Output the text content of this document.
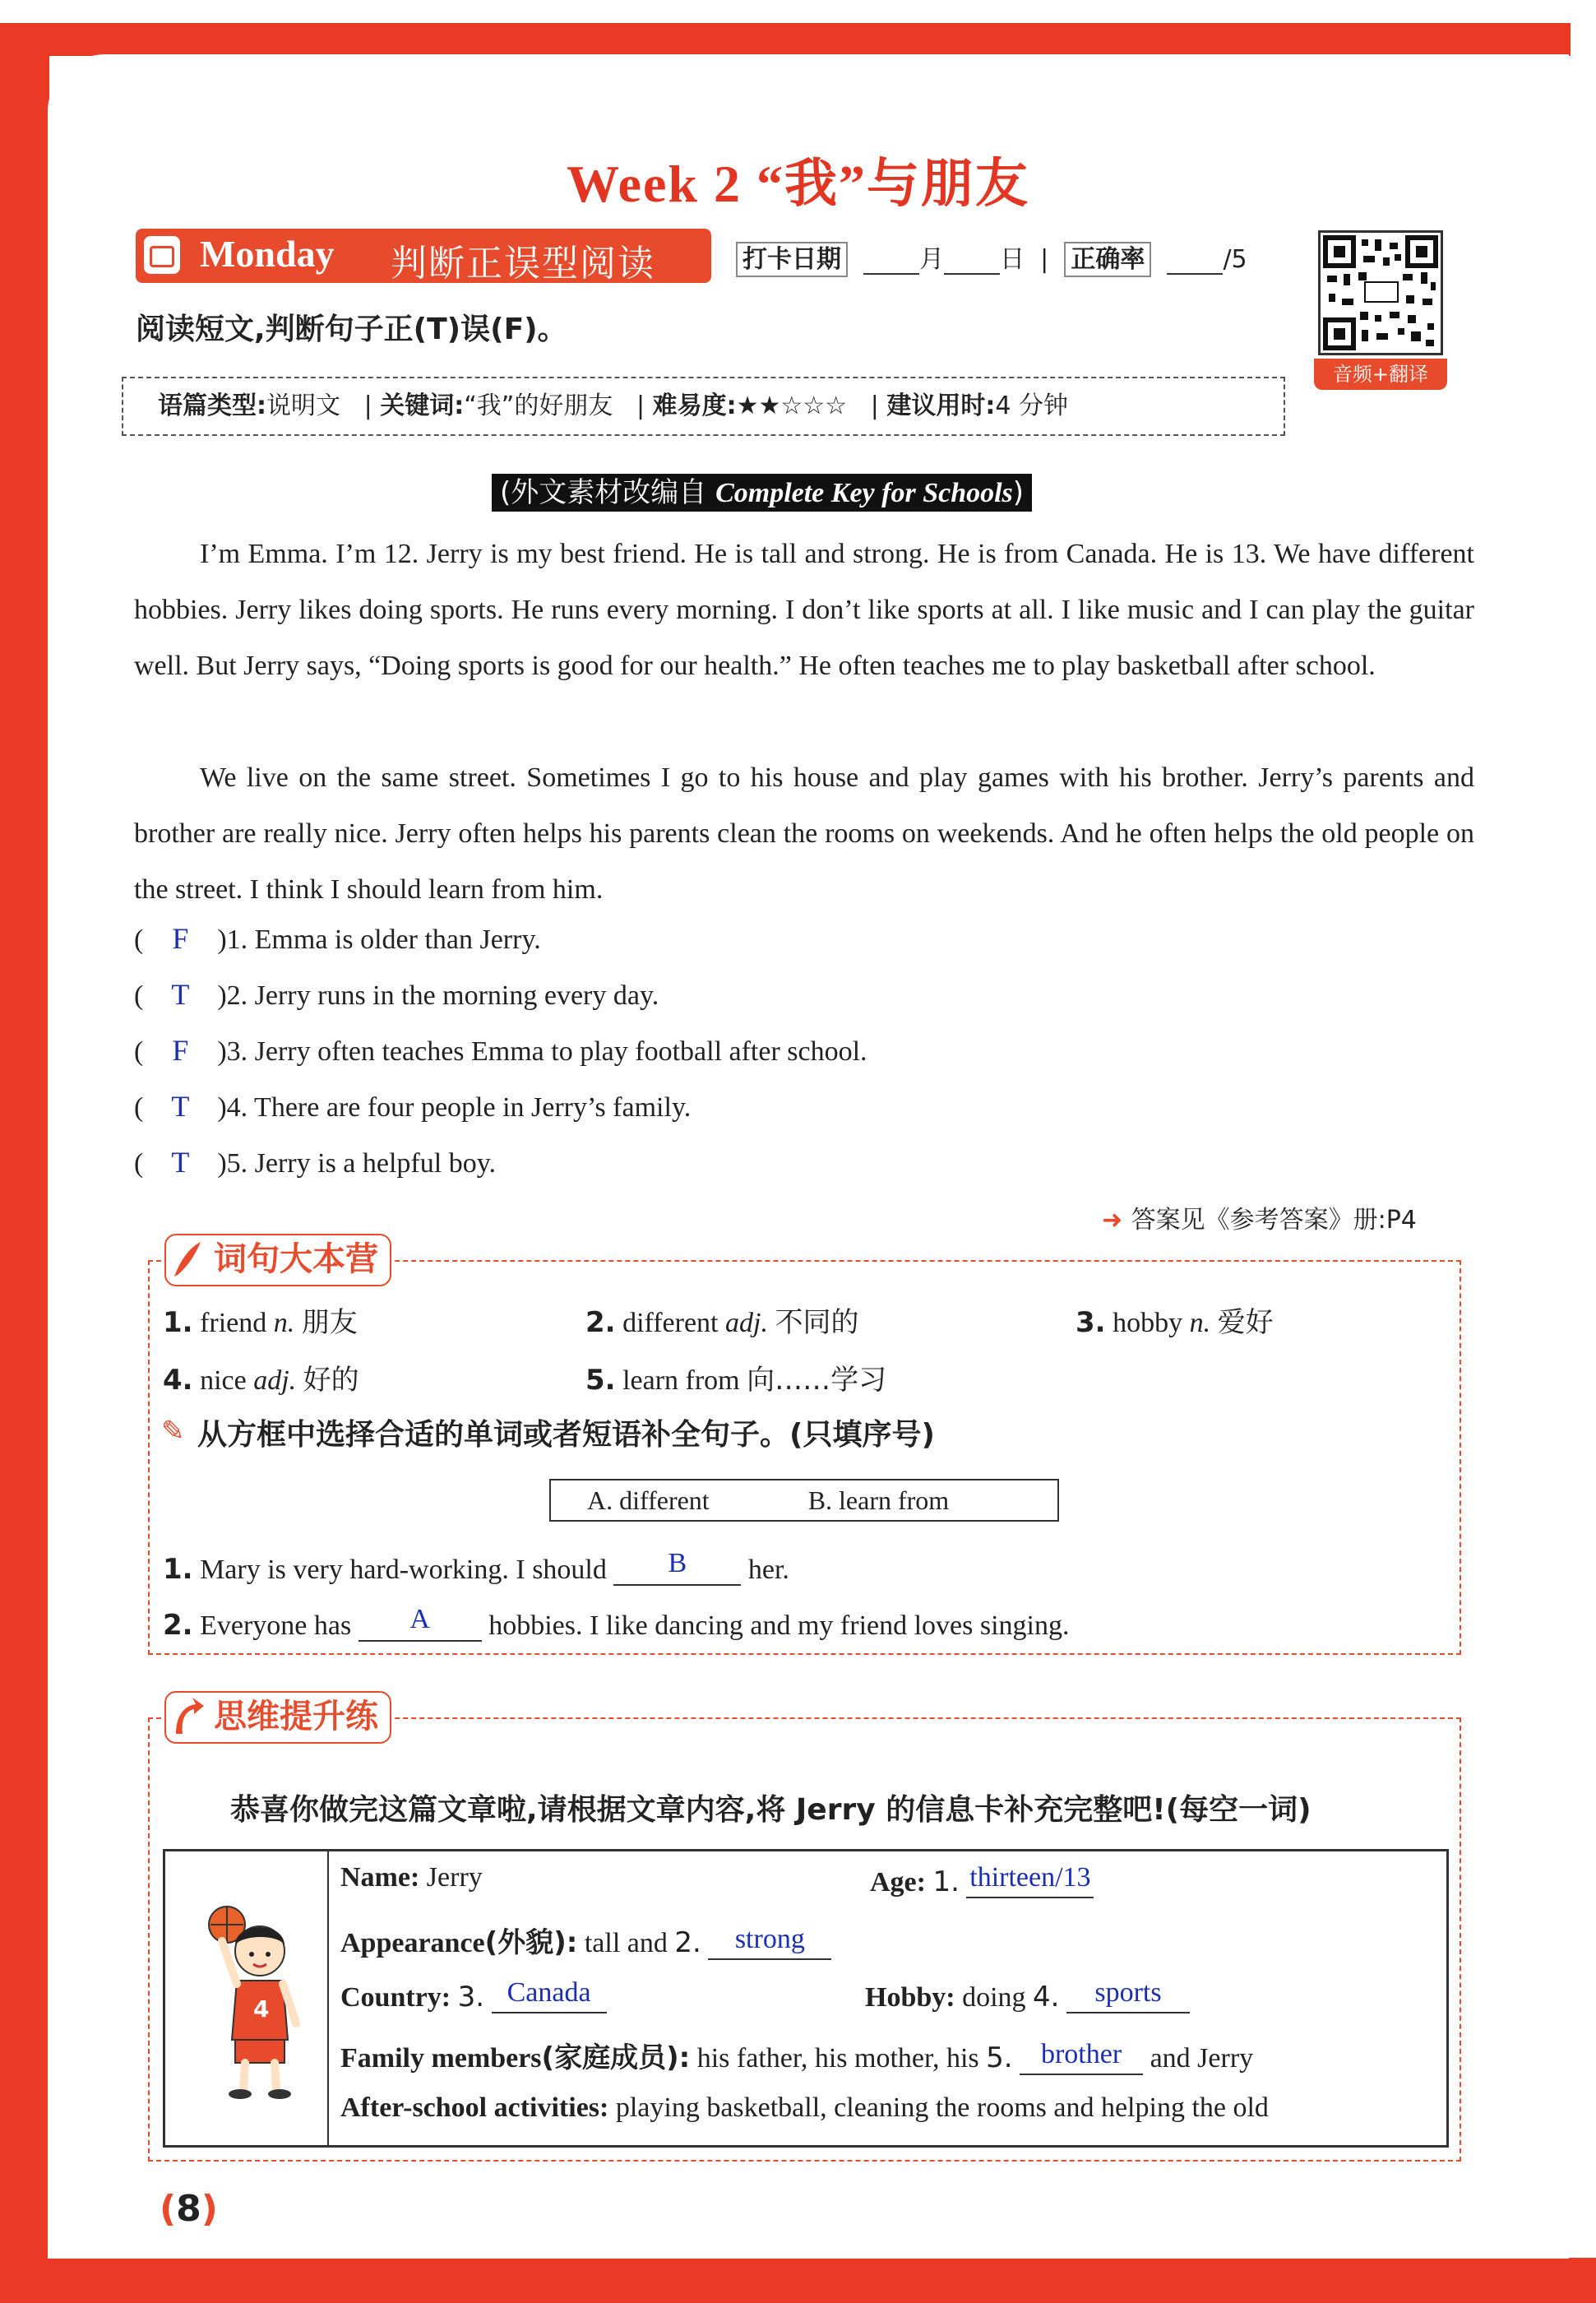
Week 2 “我”与朋友
Monday 判断正误型阅读	打卡日期	月 日  |  正确率	/5
音频+翻译
阅读短文,判断句子正(T)误(F)。
语篇类型:说明文   | 关键词:“我”的好朋友   | 难易度:★★☆☆☆   | 建议用时:4 分钟
(外文素材改编自 Complete Key for Schools)
I’m Emma. I’m 12. Jerry is my best friend. He is tall and strong. He is from Canada. He is 13. We have different hobbies. Jerry likes doing sports. He runs every morning. I don’t like sports at all. I like music and I can play the guitar well. But Jerry says, “Doing sports is good for our health.” He often teaches me to play basketball after school.
We live on the same street. Sometimes I go to his house and play games with his brother. Jerry’s parents and brother are really nice. Jerry often helps his parents clean the rooms on weekends. And he often helps the old people on the street. I think I should learn from him.
( F )1. Emma is older than Jerry.
( T )2. Jerry runs in the morning every day.
( F )3. Jerry often teaches Emma to play football after school.
( T )4. There are four people in Jerry’s family.
( T )5. Jerry is a helpful boy.
➜ 答案见《参考答案》册:P4
词句大本营
1. friend n. 朋友	2. different adj. 不同的	3. hobby n. 爱好
4. nice adj. 好的	5. learn from 向……学习
✎ 从方框中选择合适的单词或者短语补全句子。(只填序号)
A. different	B. learn from
1. Mary is very hard-working. I should B her.
2. Everyone has A hobbies. I like dancing and my friend loves singing.
思维提升练
恭喜你做完这篇文章啦,请根据文章内容,将 Jerry 的信息卡补充完整吧!(每空一词)
4
Name: Jerry	Age: 1. thirteen/13
Appearance(外貌): tall and 2. strong
Country: 3. Canada	Hobby: doing 4. sports
Family members(家庭成员): his father, his mother, his 5. brother and Jerry
After-school activities: playing basketball, cleaning the rooms and helping the old
(8)
